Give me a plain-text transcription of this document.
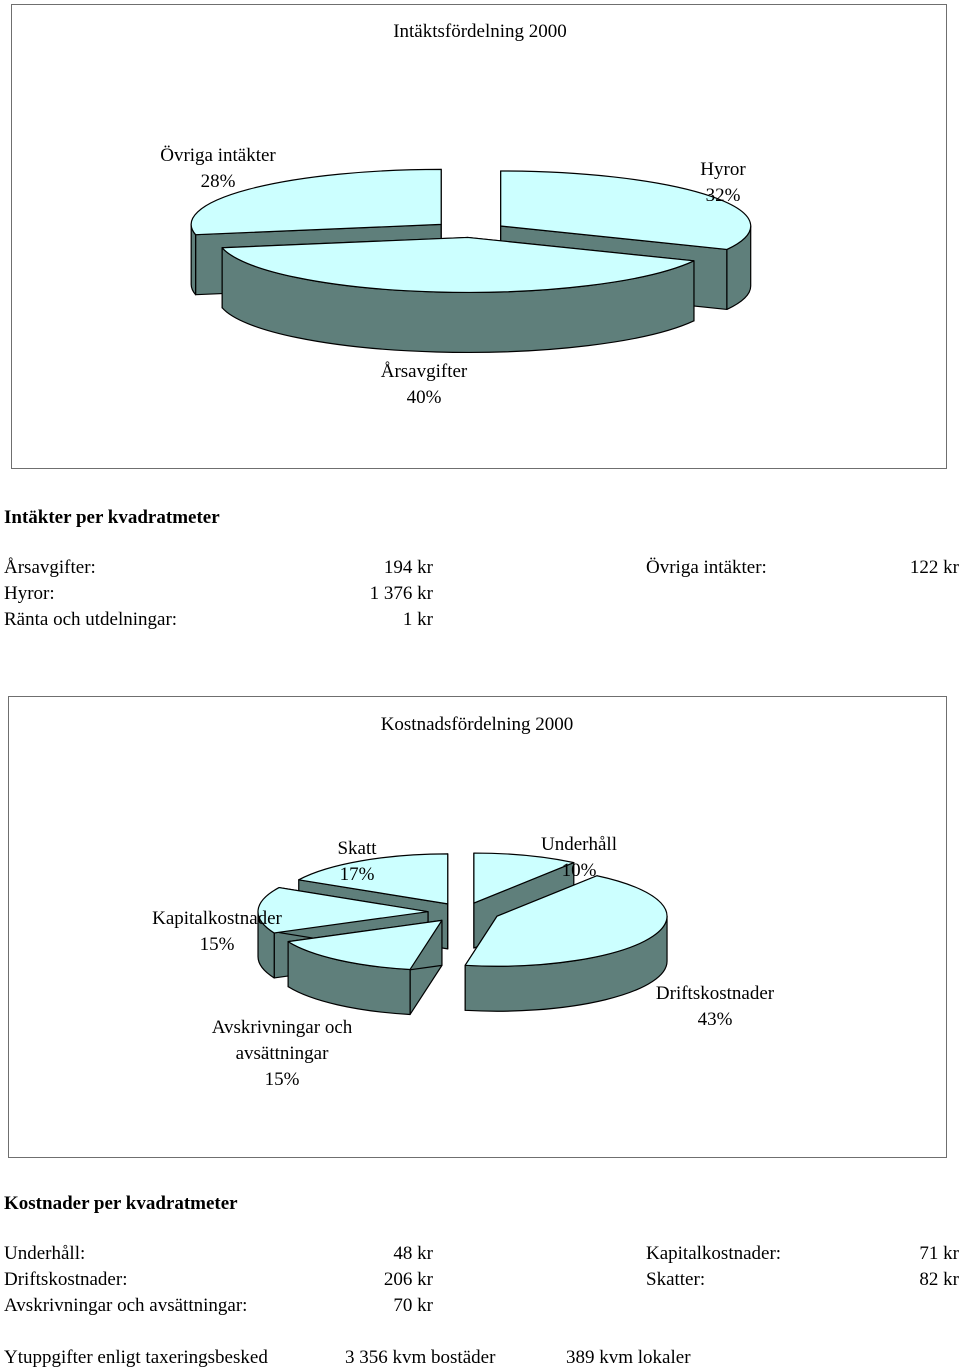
Intäktsfördelning 2000
Hyror 32%
Årsavgifter 40%
Övriga intäkter 28%
Intäkter per kvadratmeter
Årsavgifter:	194 kr
Hyror:	1 376 kr
Ränta och utdelningar:	1 kr
Övriga intäkter:	122 kr
Kostnadsfördelning 2000
Underhåll 10%
Driftskostnader 43%
Avskrivningar och avsättningar 15%
Kapitalkostnader 15%
Skatt 17%
Kostnader per kvadratmeter
Underhåll:	48 kr
Driftskostnader:	206 kr
Avskrivningar och avsättningar:	70 kr
Kapitalkostnader:	71 kr
Skatter:	82 kr
Ytuppgifter enligt taxeringsbesked	3 356 kvm bostäder	389 kvm lokaler
